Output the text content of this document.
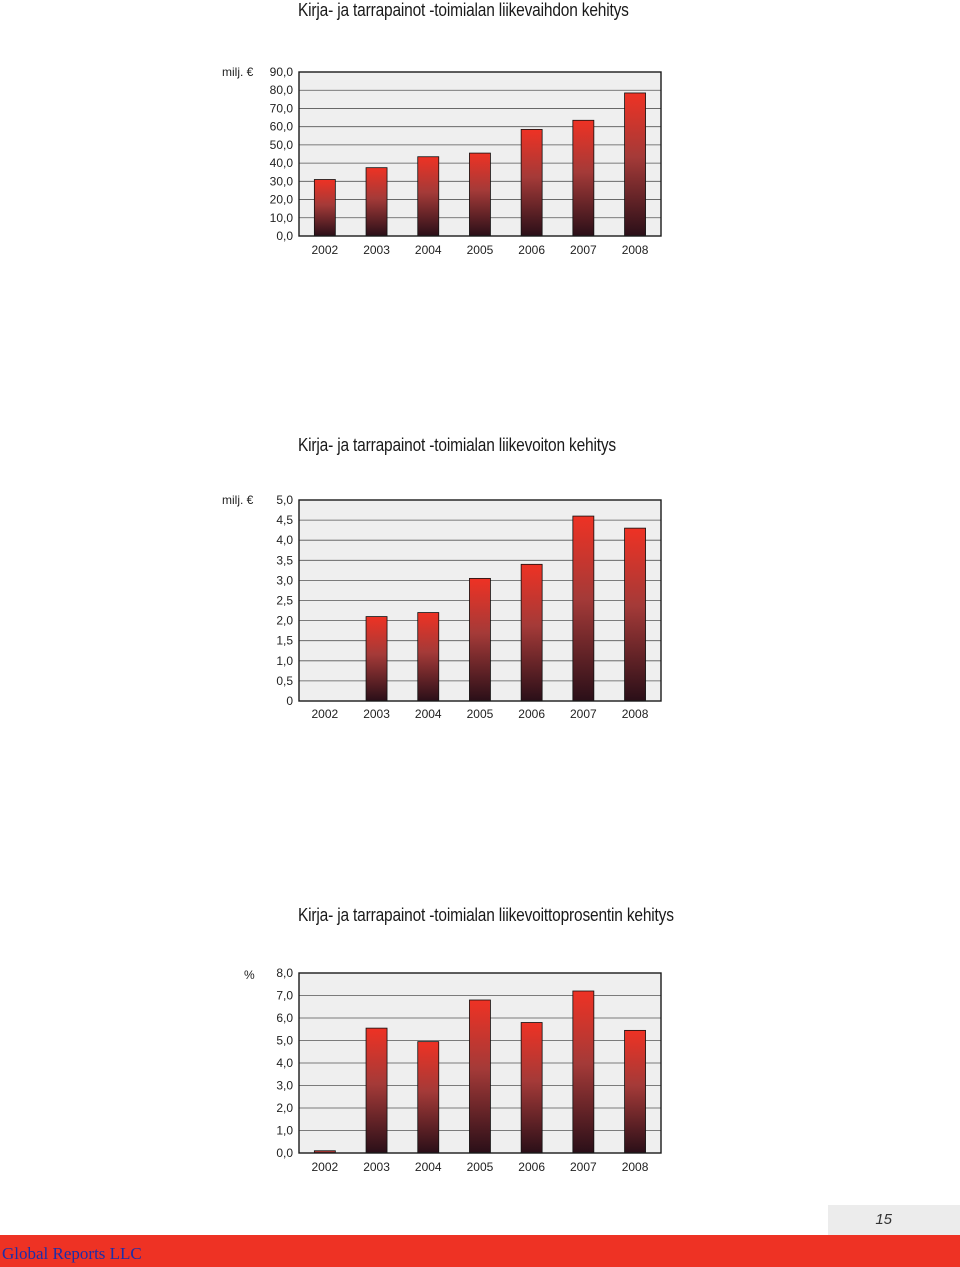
Kirja- ja tarrapainot -toimialan liikevaihdon kehitys
0,0
10,0
20,0
30,0
40,0
50,0
60,0
70,0
80,0
90,0
milj. €
2002 2003 2004 2005 2006 2007 2008
Kirja- ja tarrapainot -toimialan liikevoiton kehitys
0
0,5
1,0
1,5
2,0
2,5
3,0
3,5
4,0
4,5
5,0
milj. €
2002 2003 2004 2005 2006 2007 2008
Kirja- ja tarrapainot -toimialan liikevoittoprosentin kehitys
0,0
1,0
2,0
3,0
4,0
5,0
6,0
7,0
8,0
%
2002 2003 2004 2005 2006 2007 2008
15
Global Reports LLC
